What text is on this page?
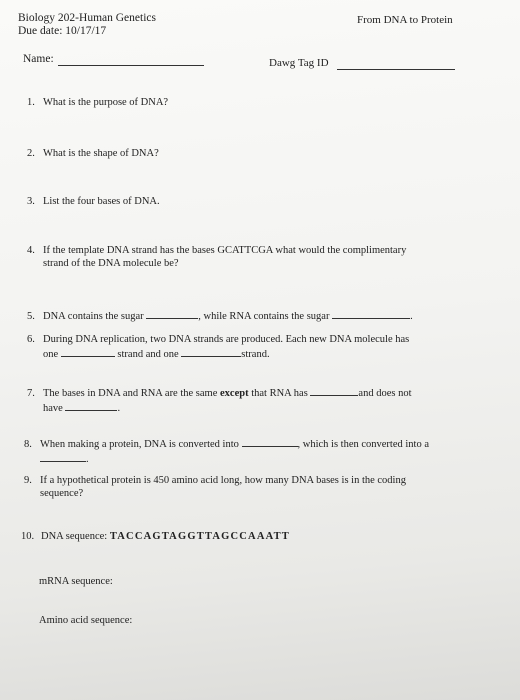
Biology 202-Human Genetics
Due date: 10/17/17
From DNA to Protein
Name:	Dawg Tag ID
1. What is the purpose of DNA?
2. What is the shape of DNA?
3. List the four bases of DNA.
4. If the template DNA strand has the bases GCATTCGA what would the complimentary
strand of the DNA molecule be?
5. DNA contains the sugar	, while RNA contains the sugar	.
6. During DNA replication, two DNA strands are produced. Each new DNA molecule has
one	strand and one	strand.
7. The bases in DNA and RNA are the same except that RNA has	and does not
have	.
8. When making a protein, DNA is converted into	, which is then converted into a
.
9. If a hypothetical protein is 450 amino acid long, how many DNA bases is in the coding
sequence?
10. DNA sequence: TACCAGTAGGTTAGCCAAATT
mRNA sequence:
Amino acid sequence:
